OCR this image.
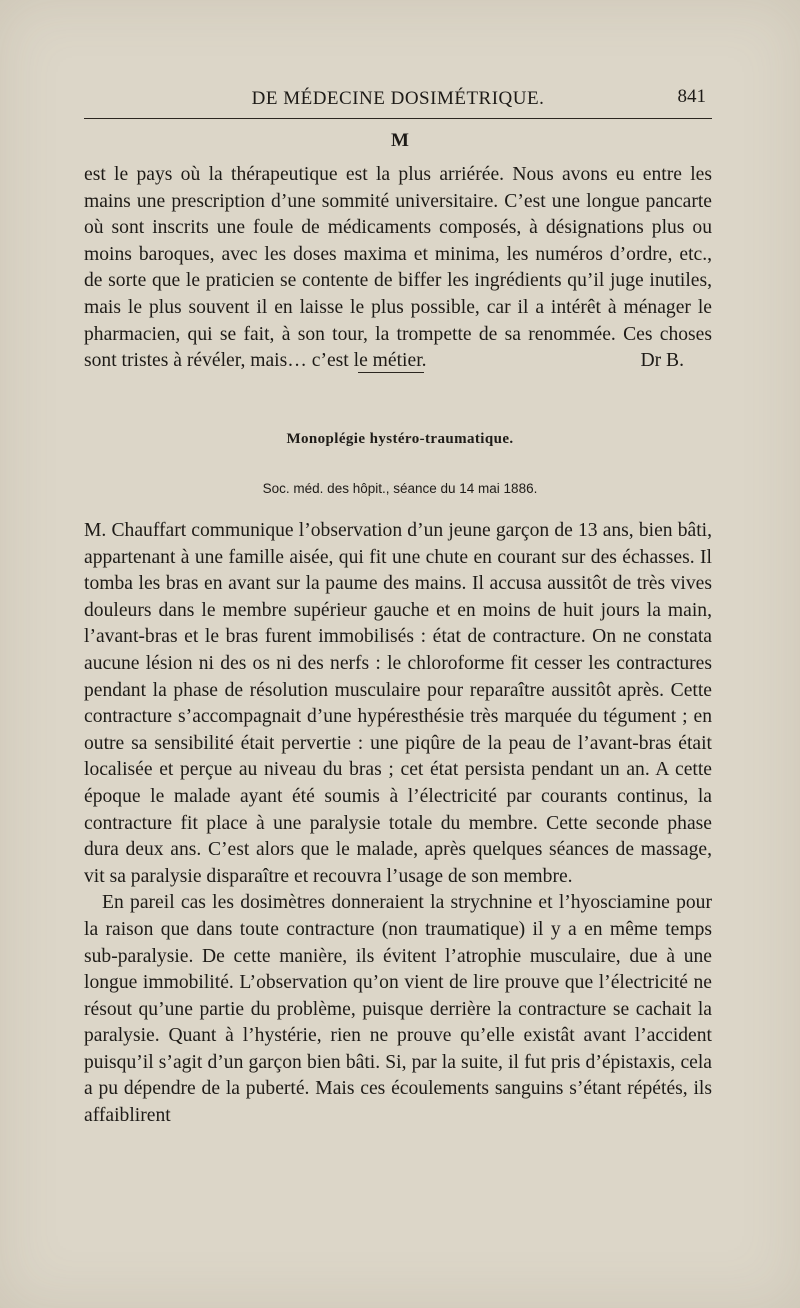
DE MÉDECINE DOSIMÉTRIQUE.	841
M

est le pays où la thérapeutique est la plus arriérée. Nous avons eu entre les mains une prescription d’une sommité universitaire. C’est une longue pancarte où sont inscrits une foule de médicaments composés, à désignations plus ou moins baroques, avec les doses maxima et minima, les numéros d’ordre, etc., de sorte que le praticien se contente de biffer les ingrédients qu’il juge inutiles, mais le plus souvent il en laisse le plus possible, car il a intérêt à ménager le pharmacien, qui se fait, à son tour, la trompette de sa renommée. Ces choses sont tristes à révéler, mais… c’est le métier.	Dr B.
Monoplégie hystéro-traumatique.
Soc. méd. des hôpit., séance du 14 mai 1886.

M. Chauffart communique l’observation d’un jeune garçon de 13 ans, bien bâti, appartenant à une famille aisée, qui fit une chute en courant sur des échasses. Il tomba les bras en avant sur la paume des mains. Il accusa aussitôt de très vives douleurs dans le membre supérieur gauche et en moins de huit jours la main, l’avant-bras et le bras furent immobilisés : état de contracture. On ne constata aucune lésion ni des os ni des nerfs : le chloroforme fit cesser les contractures pendant la phase de résolution musculaire pour reparaître aussitôt après. Cette contracture s’accompagnait d’une hypéresthésie très marquée du tégument ; en outre sa sensibilité était pervertie : une piqûre de la peau de l’avant-bras était localisée et perçue au niveau du bras ; cet état persista pendant un an. A cette époque le malade ayant été soumis à l’électricité par courants continus, la contracture fit place à une paralysie totale du membre. Cette seconde phase dura deux ans. C’est alors que le malade, après quelques séances de massage, vit sa paralysie disparaître et recouvra l’usage de son membre.

En pareil cas les dosimètres donneraient la strychnine et l’hyosciamine pour la raison que dans toute contracture (non traumatique) il y a en même temps sub-paralysie. De cette manière, ils évitent l’atrophie musculaire, due à une longue immobilité. L’observation qu’on vient de lire prouve que l’électricité ne résout qu’une partie du problème, puisque derrière la contracture se cachait la paralysie. Quant à l’hystérie, rien ne prouve qu’elle existât avant l’accident puisqu’il s’agit d’un garçon bien bâti. Si, par la suite, il fut pris d’épistaxis, cela a pu dépendre de la puberté. Mais ces écoulements sanguins s’étant répétés, ils affaiblirent
